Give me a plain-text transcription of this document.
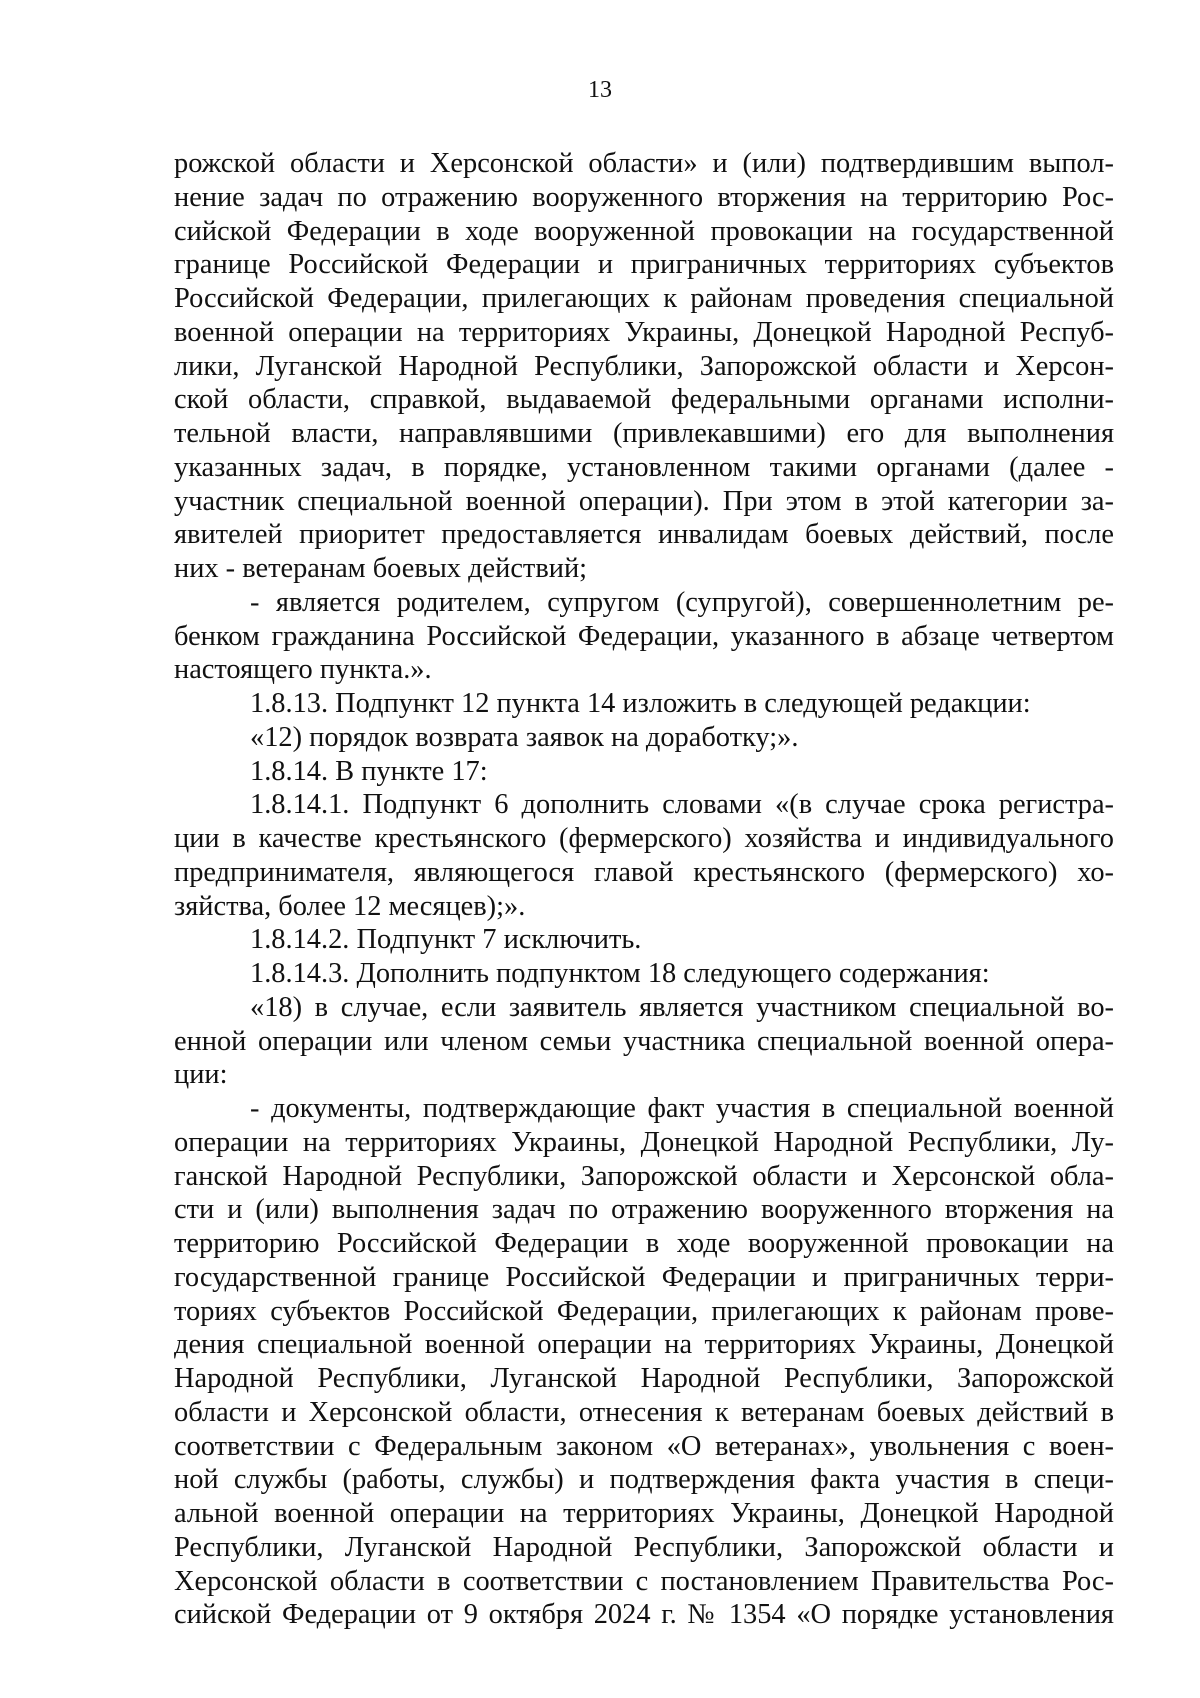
13

рожской области и Херсонской области» и (или) подтвердившим выпол-

нение задач по отражению вооруженного вторжения на территорию Рос-

сийской Федерации в ходе вооруженной провокации на государственной

границе Российской Федерации и приграничных территориях субъектов

Российской Федерации, прилегающих к районам проведения специальной

военной операции на территориях Украины, Донецкой Народной Респуб-

лики, Луганской Народной Республики, Запорожской области и Херсон-

ской области, справкой, выдаваемой федеральными органами исполни-

тельной власти, направлявшими (привлекавшими) его для выполнения

указанных задач, в порядке, установленном такими органами (далее -

участник специальной военной операции). При этом в этой категории за-

явителей приоритет предоставляется инвалидам боевых действий, после

них - ветеранам боевых действий;

- является родителем, супругом (супругой), совершеннолетним ре-

бенком гражданина Российской Федерации, указанного в абзаце четвертом

настоящего пункта.».

1.8.13. Подпункт 12 пункта 14 изложить в следующей редакции:

«12) порядок возврата заявок на доработку;».

1.8.14. В пункте 17:

1.8.14.1. Подпункт 6 дополнить словами «(в случае срока регистра-

ции в качестве крестьянского (фермерского) хозяйства и индивидуального

предпринимателя, являющегося главой крестьянского (фермерского) хо-

зяйства, более 12 месяцев);».

1.8.14.2. Подпункт 7 исключить.

1.8.14.3. Дополнить подпунктом 18 следующего содержания:

«18) в случае, если заявитель является участником специальной во-

енной операции или членом семьи участника специальной военной опера-

ции:

- документы, подтверждающие факт участия в специальной военной

операции на территориях Украины, Донецкой Народной Республики, Лу-

ганской Народной Республики, Запорожской области и Херсонской обла-

сти и (или) выполнения задач по отражению вооруженного вторжения на

территорию Российской Федерации в ходе вооруженной провокации на

государственной границе Российской Федерации и приграничных терри-

ториях субъектов Российской Федерации, прилегающих к районам прове-

дения специальной военной операции на территориях Украины, Донецкой

Народной Республики, Луганской Народной Республики, Запорожской

области и Херсонской области, отнесения к ветеранам боевых действий в

соответствии с Федеральным законом «О ветеранах», увольнения с воен-

ной службы (работы, службы) и подтверждения факта участия в специ-

альной военной операции на территориях Украины, Донецкой Народной

Республики, Луганской Народной Республики, Запорожской области и

Херсонской области в соответствии с постановлением Правительства Рос-

сийской Федерации от 9 октября 2024 г. № 1354 «О порядке установления
